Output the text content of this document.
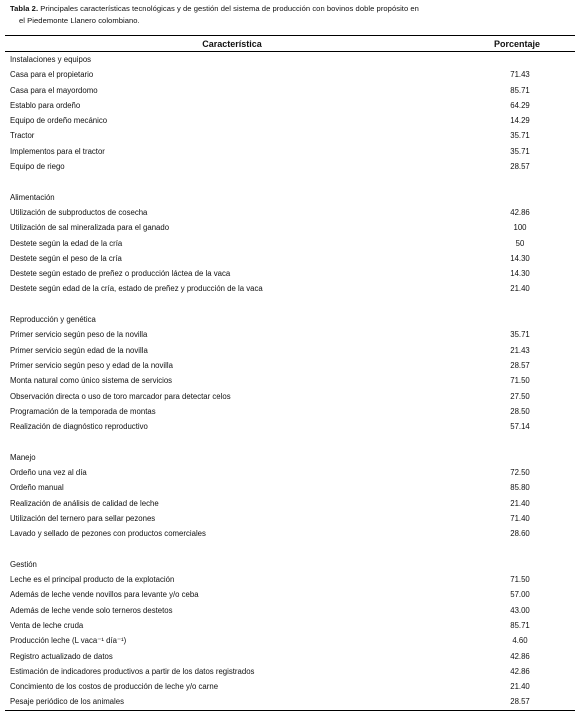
Tabla 2. Principales características tecnológicas y de gestión del sistema de producción con bovinos doble propósito en
el Piedemonte Llanero colombiano.
Característica	Porcentaje
Instalaciones y equipos	
Casa para el propietario	71.43
Casa para el mayordomo	85.71
Establo para ordeño	64.29
Equipo de ordeño mecánico	14.29
Tractor	35.71
Implementos para el tractor	35.71
Equipo de riego	28.57

Alimentación	
Utilización de subproductos de cosecha	42.86
Utilización de sal mineralizada para el ganado	100
Destete según la edad de la cría	50
Destete según el peso de la cría	14.30
Destete según estado de preñez o producción láctea de la vaca	14.30
Destete según edad de la cría, estado de preñez y producción de la vaca	21.40

Reproducción y genética	
Primer servicio según peso de la novilla	35.71
Primer servicio según edad de la novilla	21.43
Primer servicio según peso y edad de la novilla	28.57
Monta natural como único sistema de servicios	71.50
Observación directa o uso de toro marcador para detectar celos	27.50
Programación de la temporada de montas	28.50
Realización de diagnóstico reproductivo	57.14

Manejo	
Ordeño una vez al día	72.50
Ordeño manual	85.80
Realización de análisis de calidad de leche	21.40
Utilización del ternero para sellar pezones	71.40
Lavado y sellado de pezones con productos comerciales	28.60

Gestión	
Leche es el principal producto de la explotación	71.50
Además de leche vende novillos para levante y/o ceba	57.00
Además de leche vende solo terneros destetos	43.00
Venta de leche cruda	85.71
Producción leche (L vaca⁻¹ día⁻¹)	4.60
Registro actualizado de datos	42.86
Estimación de indicadores productivos a partir de los datos registrados	42.86
Concimiento de los costos de producción de leche y/o carne	21.40
Pesaje periódico de los animales	28.57
